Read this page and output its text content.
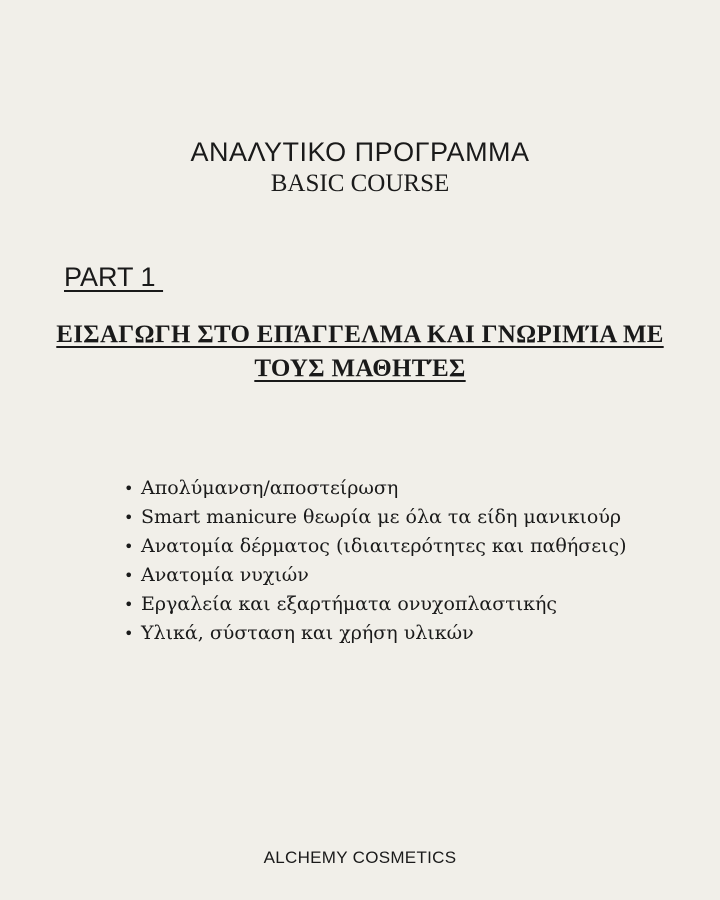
ΑΝΑΛΥΤΙΚΟ ΠΡΟΓΡΑΜΜΑ
BASIC COURSE
PART 1
ΕΙΣΑΓΩΓΗ ΣΤΟ ΕΠΆΓΓΕΛΜΑ ΚΑΙ ΓΝΩΡΙΜΊΑ ΜΕ
ΤΟΥΣ ΜΑΘΗΤΈΣ
• Απολύμανση/αποστείρωση
• Smart manicure θεωρία με όλα τα είδη μανικιούρ
• Ανατομία δέρματος (ιδιαιτερότητες και παθήσεις)
• Ανατομία νυχιών
• Εργαλεία και εξαρτήματα ονυχοπλαστικής
• Υλικά, σύσταση και χρήση υλικών
ALCHEMY COSMETICS
